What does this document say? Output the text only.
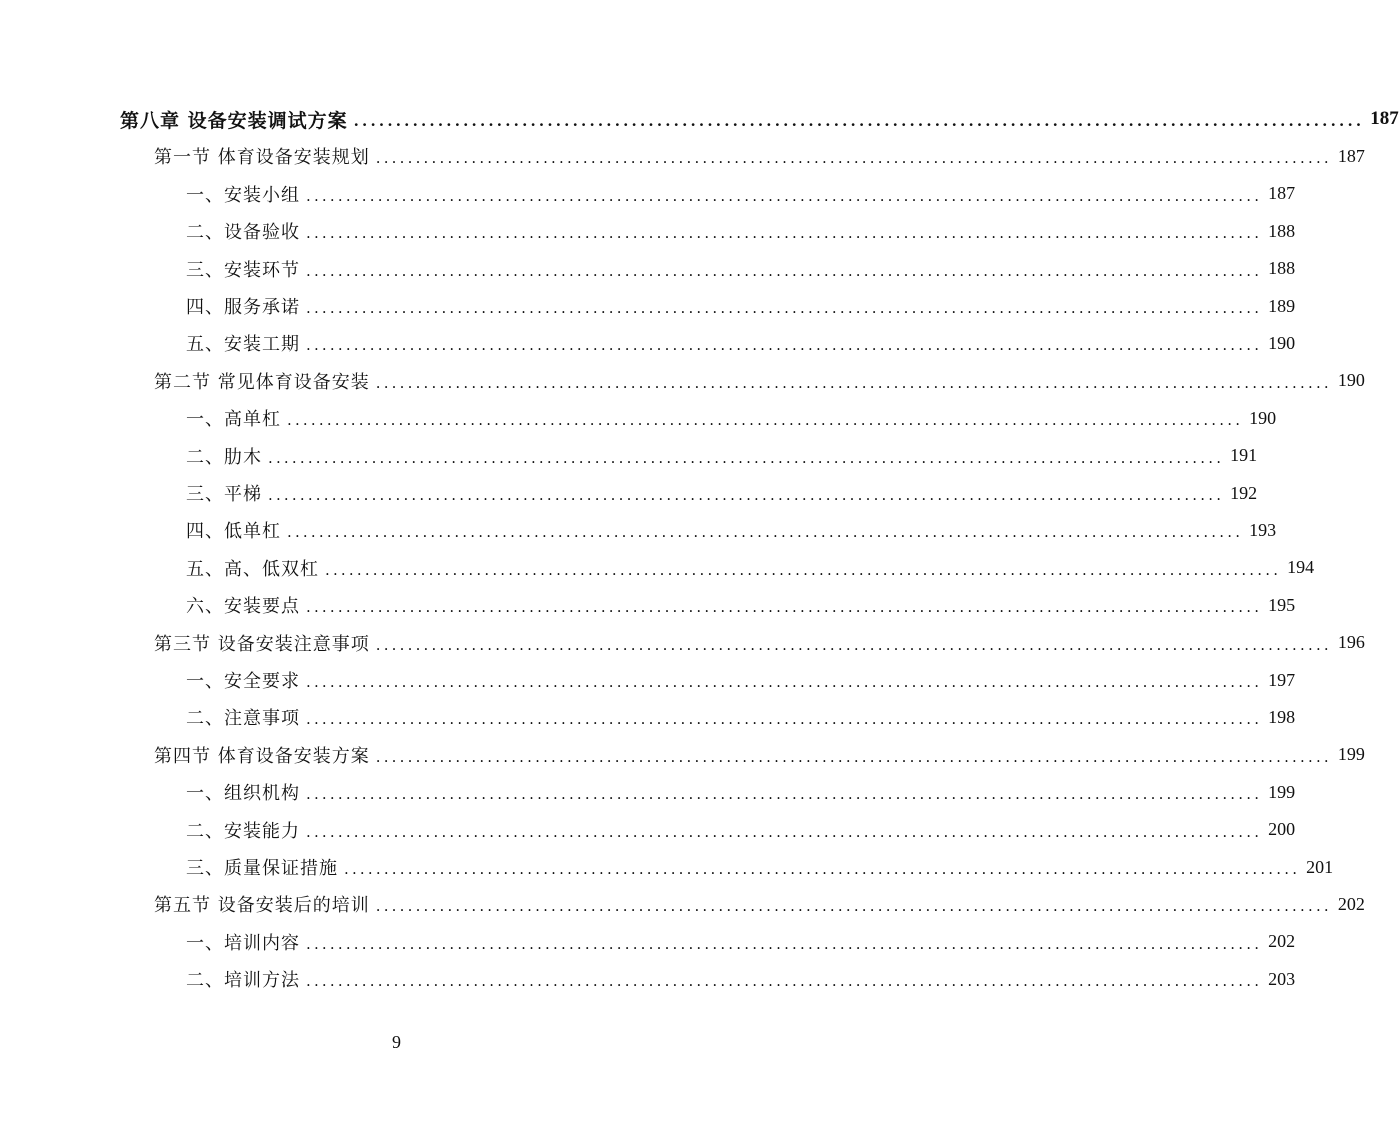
第八章 设备安装调试方案 ........................................................................................................................ 187
第一节 体育设备安装规划 ........................................................................................................................ 187
一、安装小组 ........................................................................................................................ 187
二、设备验收 ........................................................................................................................ 188
三、安装环节 ........................................................................................................................ 188
四、服务承诺 ........................................................................................................................ 189
五、安装工期 ........................................................................................................................ 190
第二节 常见体育设备安装 ........................................................................................................................ 190
一、高单杠 ........................................................................................................................ 190
二、肋木 ........................................................................................................................ 191
三、平梯 ........................................................................................................................ 192
四、低单杠 ........................................................................................................................ 193
五、高、低双杠 ........................................................................................................................ 194
六、安装要点 ........................................................................................................................ 195
第三节 设备安装注意事项 ........................................................................................................................ 196
一、安全要求 ........................................................................................................................ 197
二、注意事项 ........................................................................................................................ 198
第四节 体育设备安装方案 ........................................................................................................................ 199
一、组织机构 ........................................................................................................................ 199
二、安装能力 ........................................................................................................................ 200
三、质量保证措施 ........................................................................................................................ 201
第五节 设备安装后的培训 ........................................................................................................................ 202
一、培训内容 ........................................................................................................................ 202
二、培训方法 ........................................................................................................................ 203
9
